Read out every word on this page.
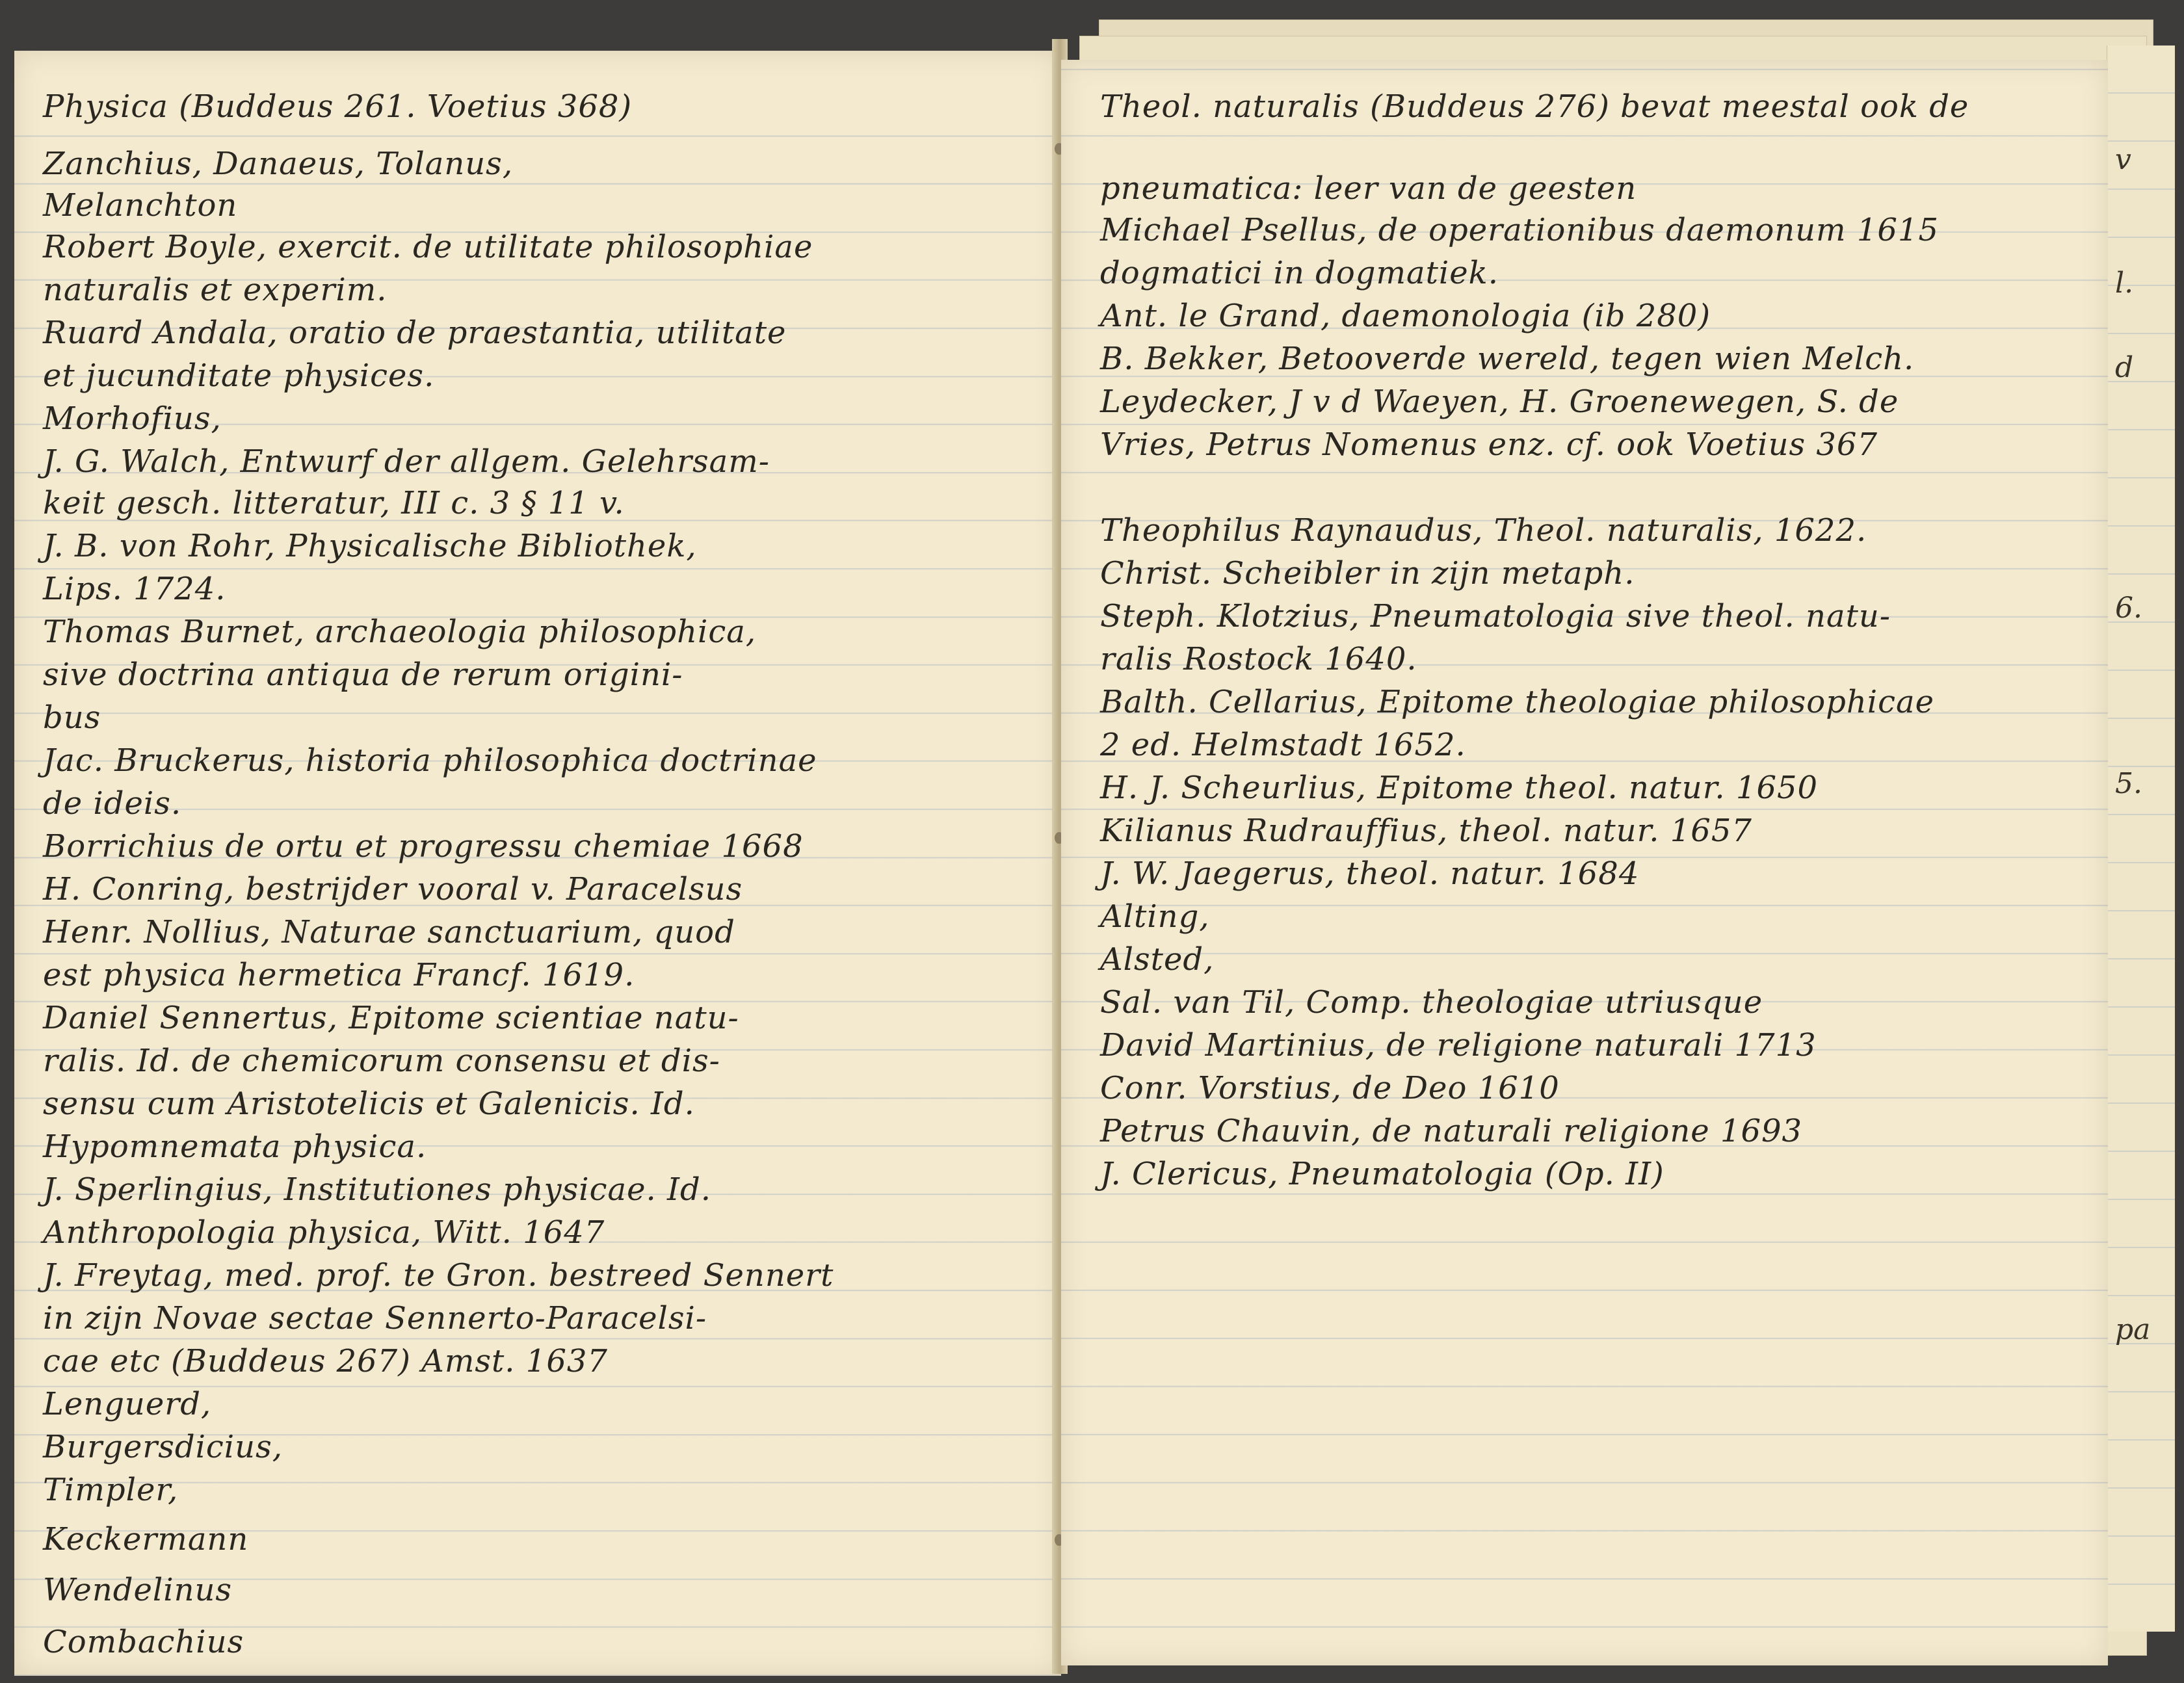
v
l.
d
6.
5.
pa
Physica (Buddeus 261. Voetius 368)
Zanchius, Danaeus, Tolanus,
Melanchton
Robert Boyle, exercit. de utilitate philosophiae
naturalis et experim.
Ruard Andala, oratio de praestantia, utilitate
et jucunditate physices.
Morhofius,
J. G. Walch, Entwurf der allgem. Gelehrsam-
keit gesch. litteratur, III c. 3 § 11 v.
J. B. von Rohr, Physicalische Bibliothek,
Lips. 1724.
Thomas Burnet, archaeologia philosophica,
sive doctrina antiqua de rerum origini-
bus
Jac. Bruckerus, historia philosophica doctrinae
de ideis.
Borrichius de ortu et progressu chemiae 1668
H. Conring, bestrijder vooral v. Paracelsus
Henr. Nollius, Naturae sanctuarium, quod
est physica hermetica Francf. 1619.
Daniel Sennertus, Epitome scientiae natu-
ralis. Id. de chemicorum consensu et dis-
sensu cum Aristotelicis et Galenicis. Id.
Hypomnemata physica.
J. Sperlingius, Institutiones physicae. Id.
Anthropologia physica, Witt. 1647
J. Freytag, med. prof. te Gron. bestreed Sennert
in zijn Novae sectae Sennerto-Paracelsi-
cae etc (Buddeus 267) Amst. 1637
Lenguerd,
Burgersdicius,
Timpler,
Keckermann
Wendelinus
Combachius
Theol. naturalis (Buddeus 276) bevat meestal ook de
pneumatica: leer van de geesten
Michael Psellus, de operationibus daemonum 1615
dogmatici in dogmatiek.
Ant. le Grand, daemonologia (ib 280)
B. Bekker, Betooverde wereld, tegen wien Melch.
Leydecker, J v d Waeyen, H. Groenewegen, S. de
Vries, Petrus Nomenus enz. cf. ook Voetius 367
Theophilus Raynaudus, Theol. naturalis, 1622.
Christ. Scheibler in zijn metaph.
Steph. Klotzius, Pneumatologia sive theol. natu-
ralis Rostock 1640.
Balth. Cellarius, Epitome theologiae philosophicae
2 ed. Helmstadt 1652.
H. J. Scheurlius, Epitome theol. natur. 1650
Kilianus Rudrauffius, theol. natur. 1657
J. W. Jaegerus, theol. natur. 1684
Alting,
Alsted,
Sal. van Til, Comp. theologiae utriusque
David Martinius, de religione naturali 1713
Conr. Vorstius, de Deo 1610
Petrus Chauvin, de naturali religione 1693
J. Clericus, Pneumatologia (Op. II)
